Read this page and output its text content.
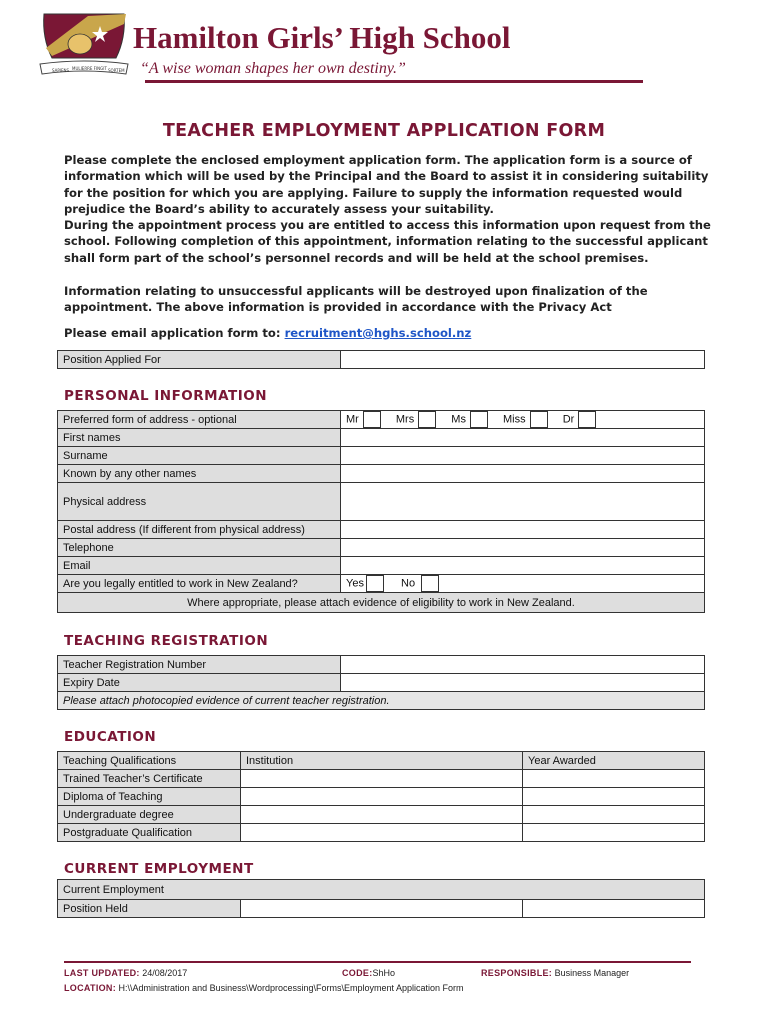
SAPIENS MULIERRE FINGIT SORTEM
Hamilton Girls’ High School
“A wise woman shapes her own destiny.”
TEACHER EMPLOYMENT APPLICATION FORM
Please complete the enclosed employment application form. The application form is a source of information which will be used by the Principal and the Board to assist it in considering suitability for the position for which you are applying. Failure to supply the information requested would prejudice the Board’s ability to accurately assess your suitability.
During the appointment process you are entitled to access this information upon request from the school. Following completion of this appointment, information relating to the successful applicant shall form part of the school’s personnel records and will be held at the school premises.
Information relating to unsuccessful applicants will be destroyed upon finalization of the appointment. The above information is provided in accordance with the Privacy Act
Please email application form to: recruitment@hghs.school.nz
Position Applied For	
PERSONAL INFORMATION
Preferred form of address - optional	Mr Mrs Ms Miss Dr
First names	
Surname	
Known by any other names	
Physical address	
Postal address (If different from physical address)	
Telephone	
Email	
Are you legally entitled to work in New Zealand?	Yes No
Where appropriate, please attach evidence of eligibility to work in New Zealand.	
TEACHING REGISTRATION
Teacher Registration Number	
Expiry Date	
Please attach photocopied evidence of current teacher registration.	
EDUCATION
Teaching Qualifications	Institution	Year Awarded
Trained Teacher’s Certificate		
Diploma of Teaching		
Undergraduate degree		
Postgraduate Qualification		
CURRENT EMPLOYMENT
Current Employment
Position Held		
LAST UPDATED: 24/08/2017	CODE:ShHo	RESPONSIBLE: Business Manager
LOCATION: H:\\Administration and Business\Wordprocessing\Forms\Employment Application Form
